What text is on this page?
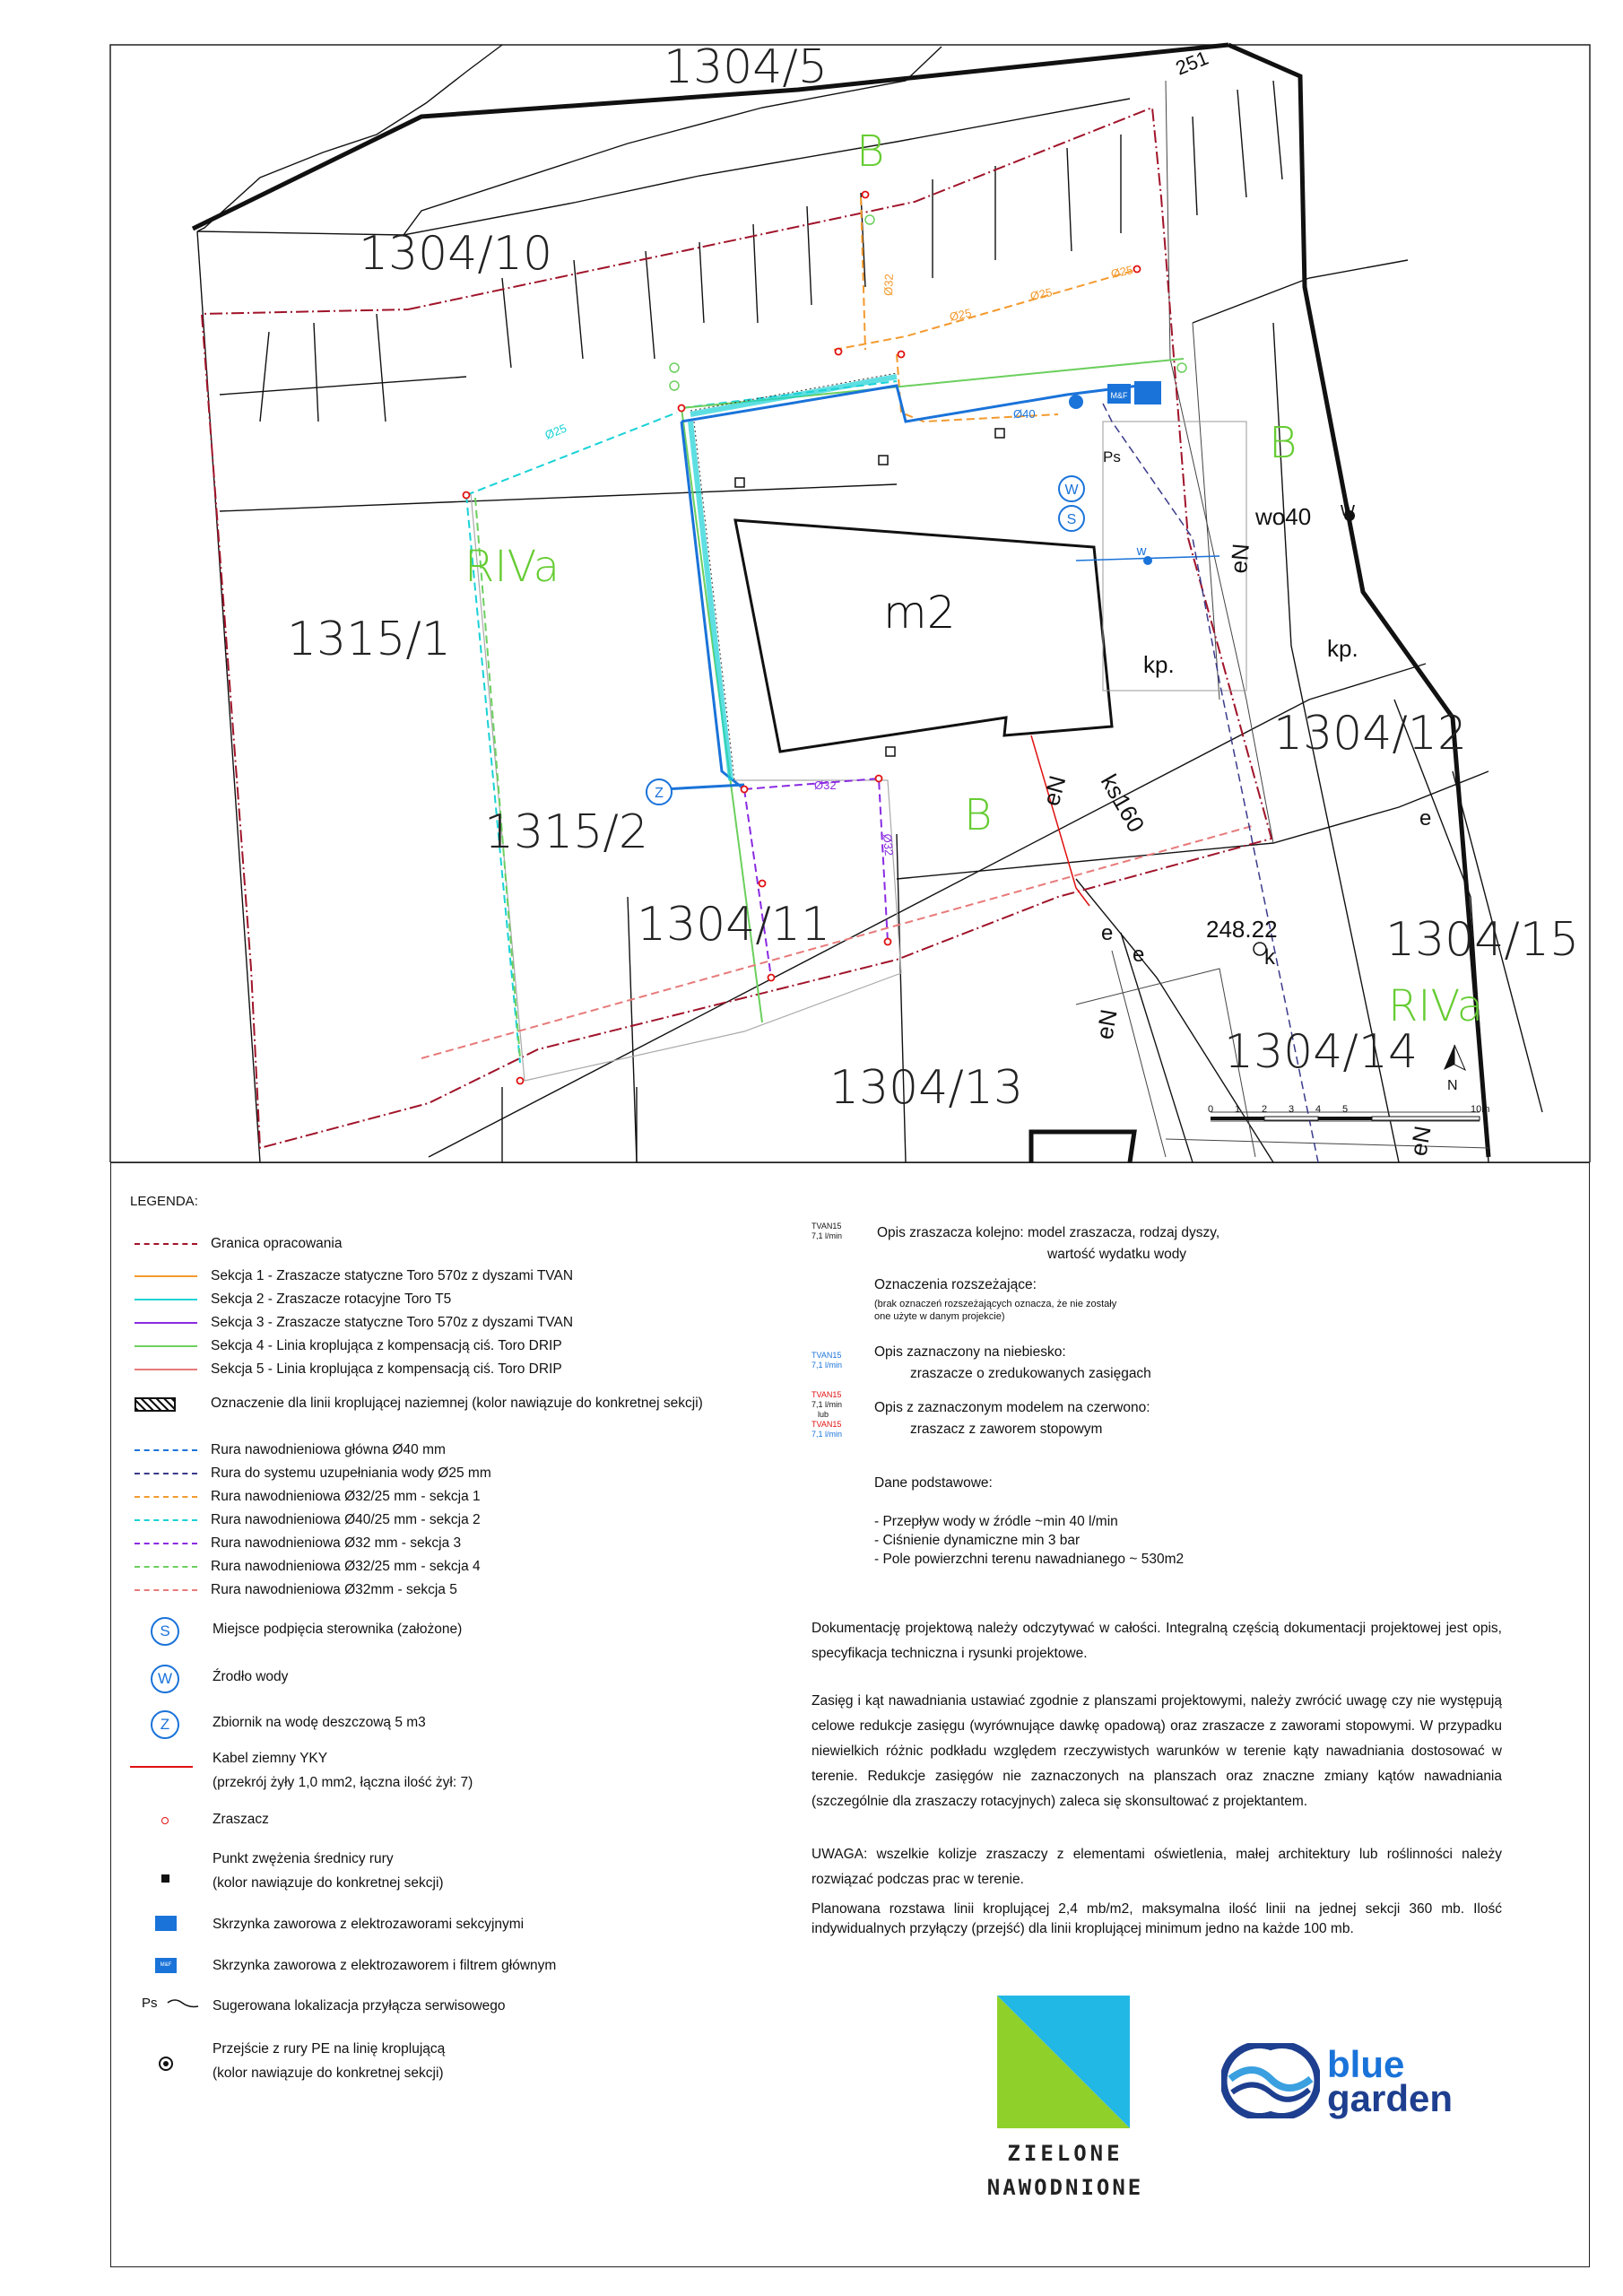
M&F
W
S
Z
w
Ø25
Ø25
Ø25
Ø32
Ø25
Ø32
Ø32
Ø40
1304/5
1304/10
1315/1
1315/2
1304/11
1304/13
1304/12
1304/14
1304/15
B
B
B
RIVa
RIVa
m2
kp.
kp.
wo40 w
248.22
k
251
Ps
ks160
eN
eN
eN
eN
e
e
e
N
0 1 2 3 4 5	10m
LEGENDA:
Granica opracowania
Sekcja 1 - Zraszacze statyczne Toro 570z z dyszami TVAN
Sekcja 2 - Zraszacze rotacyjne Toro T5
Sekcja 3 - Zraszacze statyczne Toro 570z z dyszami TVAN
Sekcja 4 - Linia kroplująca z kompensacją ciś. Toro DRIP
Sekcja 5 - Linia kroplująca z kompensacją ciś. Toro DRIP
Oznaczenie dla linii kroplującej naziemnej (kolor nawiązuje do konkretnej sekcji)
Rura nawodnieniowa główna Ø40 mm
Rura do systemu uzupełniania wody Ø25 mm
Rura nawodnieniowa Ø32/25 mm - sekcja 1
Rura nawodnieniowa Ø40/25 mm - sekcja 2
Rura nawodnieniowa Ø32 mm - sekcja 3
Rura nawodnieniowa Ø32/25 mm - sekcja 4
Rura nawodnieniowa Ø32mm - sekcja 5
S	Miejsce podpięcia sterownika (założone)
W	Źrodło wody
Z	Zbiornik na wodę deszczową 5 m3
Kabel ziemny YKY
(przekrój żyły 1,0 mm2, łączna ilość żył: 7)
Zraszacz
Punkt zwężenia średnicy rury
(kolor nawiązuje do konkretnej sekcji)
Skrzynka zaworowa z elektrozaworami sekcyjnymi
M&F	Skrzynka zaworowa z elektrozaworem i filtrem głównym
Ps	Sugerowana lokalizacja przyłącza serwisowego
Przejście z rury PE na linię kroplującą
(kolor nawiązuje do konkretnej sekcji)
TVAN15
7,1 l/min	Opis zraszacza kolejno: model zraszacza, rodzaj dyszy,
wartość wydatku wody
Oznaczenia rozszeżające:
(brak oznaczeń rozszeżających oznacza, że nie zostały
one użyte w danym projekcie)
TVAN15
7,1 l/min
Opis zaznaczony na niebiesko:
zraszacze o zredukowanych zasięgach
TVAN15
7,1 l/min
lub
TVAN15
7,1 l/min
Opis z zaznaczonym modelem na czerwono:
zraszacz z zaworem stopowym
Dane podstawowe:
- Przepływ wody w źródle ~min 40 l/min
- Ciśnienie dynamiczne min 3 bar
- Pole powierzchni terenu nawadnianego ~ 530m2
Dokumentację projektową należy odczytywać w całości. Integralną częścią dokumentacji projektowej jest opis, specyfikacja techniczna i rysunki projektowe.
Zasięg i kąt nawadniania ustawiać zgodnie z planszami projektowymi, należy zwrócić uwagę czy nie występują celowe redukcje zasięgu (wyrównujące dawkę opadową) oraz zraszacze z zaworami stopowymi. W przypadku niewielkich różnic podkładu względem rzeczywistych warunków w terenie kąty nawadniania dostosować w terenie. Redukcje zasięgów nie zaznaczonych na planszach oraz znaczne zmiany kątów nawadniania (szczególnie dla zraszaczy rotacyjnych) zaleca się skonsultować z projektantem.
UWAGA: wszelkie kolizje zraszaczy z elementami oświetlenia, małej architektury lub roślinności należy rozwiązać podczas prac w terenie.
Planowana rozstawa linii kroplującej 2,4 mb/m2, maksymalna ilość linii na jednej sekcji 360 mb. Ilość indywidualnych przyłączy (przejść) dla linii kroplującej minimum jedno na każde 100 mb.
ZIELONE
NAWODNIONE
blue
garden
